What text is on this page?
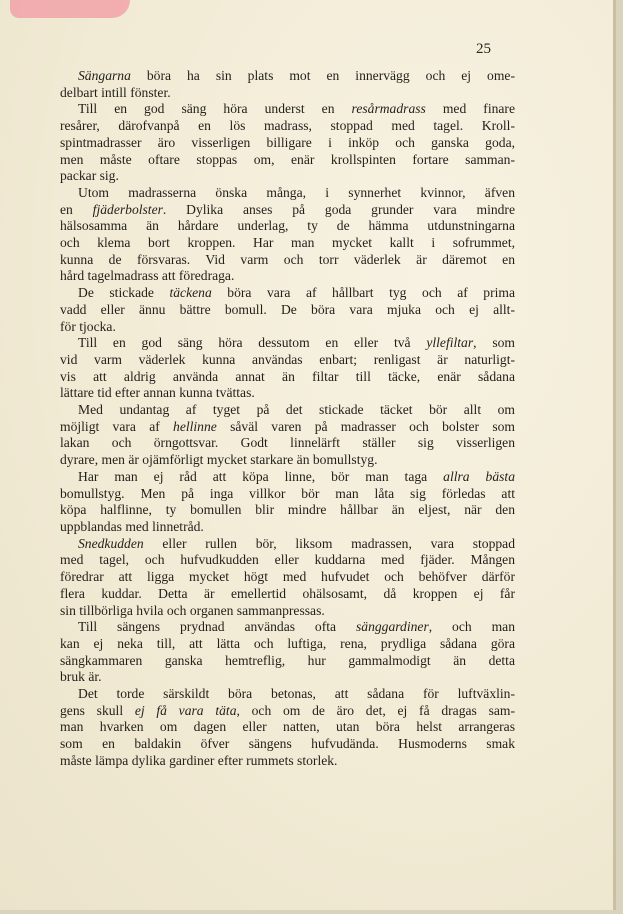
25
Sängarna böra ha sin plats mot en innervägg och ej ome-
delbart intill fönster.
Till en god säng höra underst en resårmadrass med finare
resårer, därofvanpå en lös madrass, stoppad med tagel. Kroll-
spintmadrasser äro visserligen billigare i inköp och ganska goda,
men måste oftare stoppas om, enär krollspinten fortare samman-
packar sig.
Utom madrasserna önska många, i synnerhet kvinnor, äfven
en fjäderbolster. Dylika anses på goda grunder vara mindre
hälsosamma än hårdare underlag, ty de hämma utdunstningarna
och klema bort kroppen. Har man mycket kallt i sofrummet,
kunna de försvaras. Vid varm och torr väderlek är däremot en
hård tagelmadrass att föredraga.
De stickade täckena böra vara af hållbart tyg och af prima
vadd eller ännu bättre bomull. De böra vara mjuka och ej allt-
för tjocka.
Till en god säng höra dessutom en eller två yllefiltar, som
vid varm väderlek kunna användas enbart; renligast är naturligt-
vis att aldrig använda annat än filtar till täcke, enär sådana
lättare tid efter annan kunna tvättas.
Med undantag af tyget på det stickade täcket bör allt om
möjligt vara af hellinne såväl varen på madrasser och bolster som
lakan och örngottsvar. Godt linnelärft ställer sig visserligen
dyrare, men är ojämförligt mycket starkare än bomullstyg.
Har man ej råd att köpa linne, bör man taga allra bästa
bomullstyg. Men på inga villkor bör man låta sig förledas att
köpa halflinne, ty bomullen blir mindre hållbar än eljest, när den
uppblandas med linnetråd.
Snedkudden eller rullen bör, liksom madrassen, vara stoppad
med tagel, och hufvudkudden eller kuddarna med fjäder. Mången
föredrar att ligga mycket högt med hufvudet och behöfver därför
flera kuddar. Detta är emellertid ohälsosamt, då kroppen ej får
sin tillbörliga hvila och organen sammanpressas.
Till sängens prydnad användas ofta sänggardiner, och man
kan ej neka till, att lätta och luftiga, rena, prydliga sådana göra
sängkammaren ganska hemtreflig, hur gammalmodigt än detta
bruk är.
Det torde särskildt böra betonas, att sådana för luftväxlin-
gens skull ej få vara täta, och om de äro det, ej få dragas sam-
man hvarken om dagen eller natten, utan böra helst arrangeras
som en baldakin öfver sängens hufvudända. Husmoderns smak
måste lämpa dylika gardiner efter rummets storlek.
